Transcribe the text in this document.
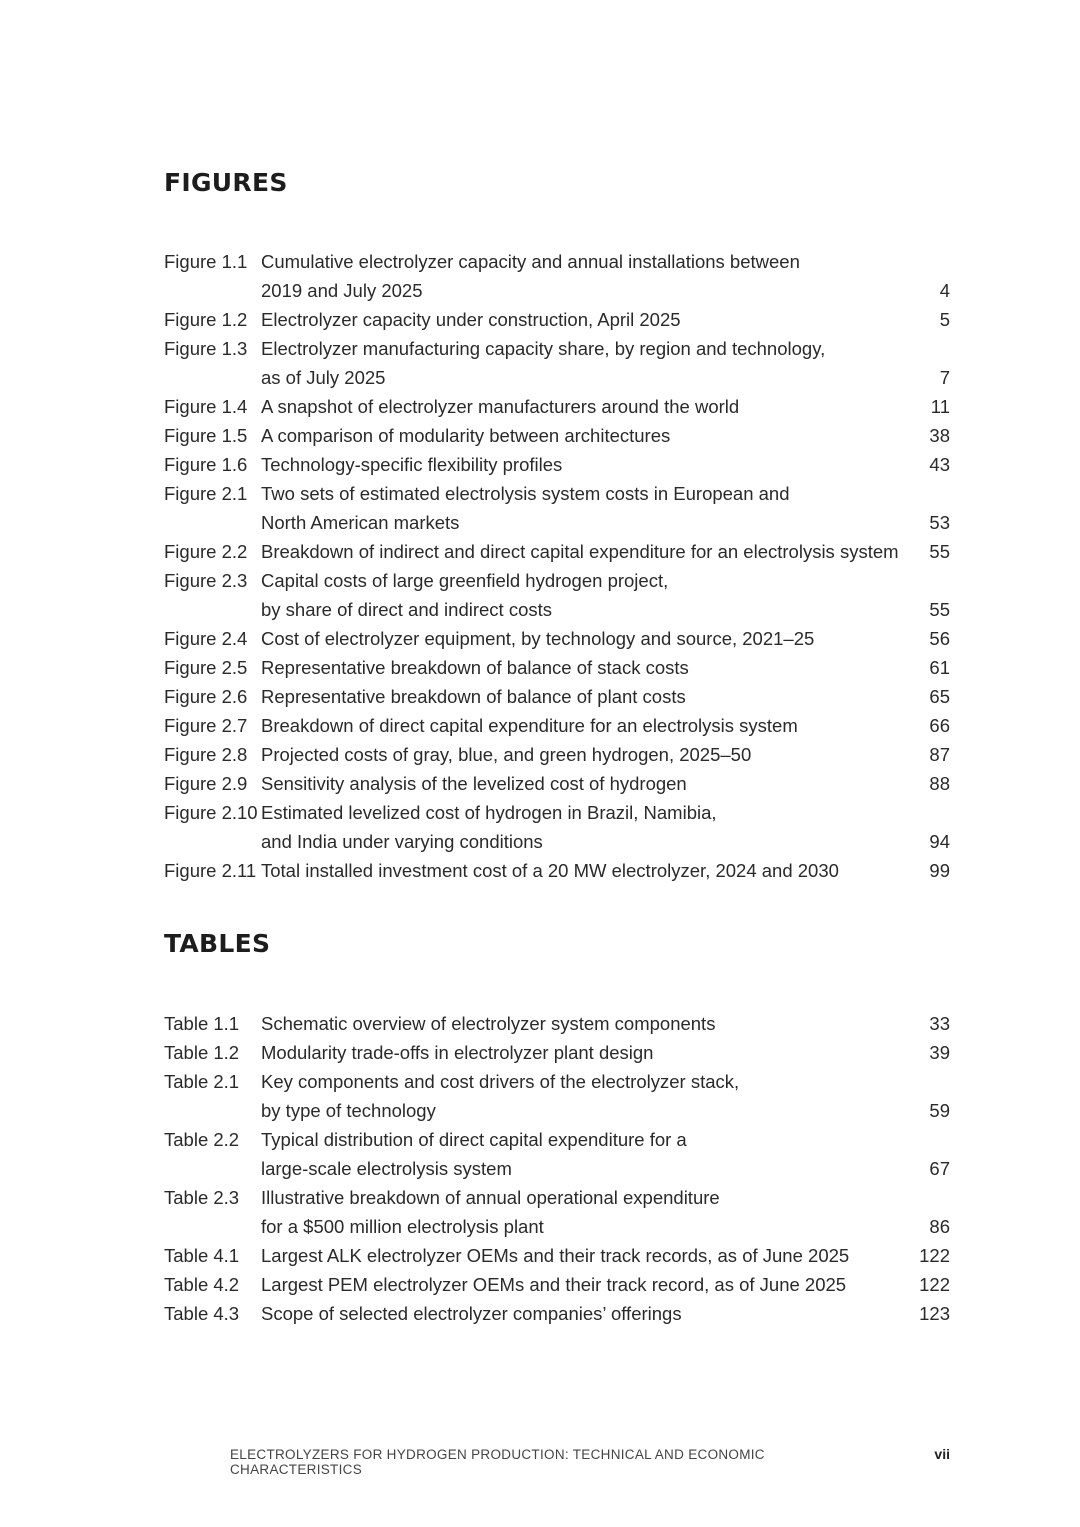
FIGURES
Figure 1.1 Cumulative electrolyzer capacity and annual installations between
2019 and July 2025	4
Figure 1.2 Electrolyzer capacity under construction, April 2025	5
Figure 1.3 Electrolyzer manufacturing capacity share, by region and technology,
as of July 2025	7
Figure 1.4 A snapshot of electrolyzer manufacturers around the world	11
Figure 1.5 A comparison of modularity between architectures	38
Figure 1.6 Technology-specific flexibility profiles	43
Figure 2.1 Two sets of estimated electrolysis system costs in European and
North American markets	53
Figure 2.2 Breakdown of indirect and direct capital expenditure for an electrolysis system	55
Figure 2.3 Capital costs of large greenfield hydrogen project,
by share of direct and indirect costs	55
Figure 2.4 Cost of electrolyzer equipment, by technology and source, 2021–25	56
Figure 2.5 Representative breakdown of balance of stack costs	61
Figure 2.6 Representative breakdown of balance of plant costs	65
Figure 2.7 Breakdown of direct capital expenditure for an electrolysis system	66
Figure 2.8 Projected costs of gray, blue, and green hydrogen, 2025–50	87
Figure 2.9 Sensitivity analysis of the levelized cost of hydrogen	88
Figure 2.10 Estimated levelized cost of hydrogen in Brazil, Namibia,
and India under varying conditions	94
Figure 2.11 Total installed investment cost of a 20 MW electrolyzer, 2024 and 2030	99
TABLES
Table 1.1	Schematic overview of electrolyzer system components	33
Table 1.2	Modularity trade-offs in electrolyzer plant design	39
Table 2.1	Key components and cost drivers of the electrolyzer stack,
by type of technology	59
Table 2.2	Typical distribution of direct capital expenditure for a
large-scale electrolysis system	67
Table 2.3	Illustrative breakdown of annual operational expenditure
for a $500 million electrolysis plant	86
Table 4.1	Largest ALK electrolyzer OEMs and their track records, as of June 2025	122
Table 4.2	Largest PEM electrolyzer OEMs and their track record, as of June 2025	122
Table 4.3	Scope of selected electrolyzer companies’ offerings	123
ELECTROLYZERS FOR HYDROGEN PRODUCTION: TECHNICAL AND ECONOMIC CHARACTERISTICS
vii
